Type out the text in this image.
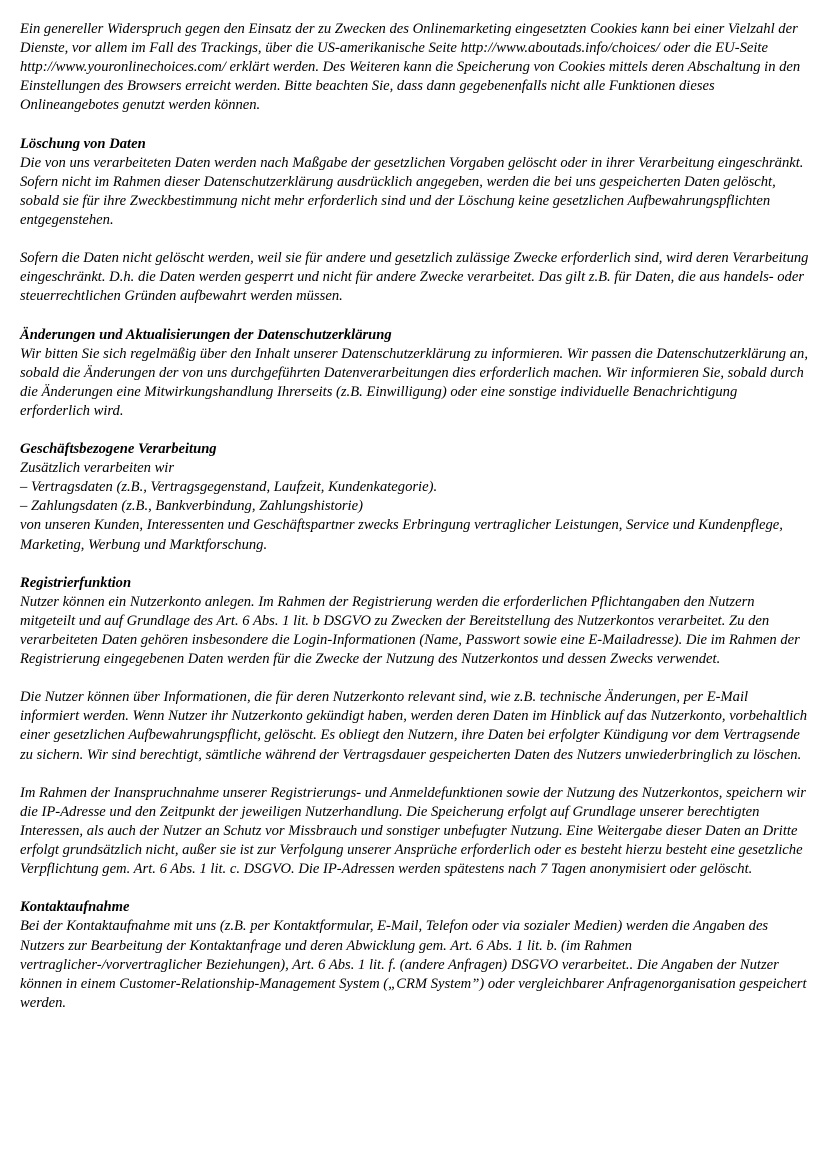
Ein genereller Widerspruch gegen den Einsatz der zu Zwecken des Onlinemarketing eingesetzten Cookies kann bei einer Vielzahl der Dienste, vor allem im Fall des Trackings, über die US-amerikanische Seite http://www.aboutads.info/choices/ oder die EU-Seite http://www.youronlinechoices.com/ erklärt werden. Des Weiteren kann die Speicherung von Cookies mittels deren Abschaltung in den Einstellungen des Browsers erreicht werden. Bitte beachten Sie, dass dann gegebenenfalls nicht alle Funktionen dieses Onlineangebotes genutzt werden können.

Löschung von Daten

Die von uns verarbeiteten Daten werden nach Maßgabe der gesetzlichen Vorgaben gelöscht oder in ihrer Verarbeitung eingeschränkt. Sofern nicht im Rahmen dieser Datenschutzerklärung ausdrücklich angegeben, werden die bei uns gespeicherten Daten gelöscht, sobald sie für ihre Zweckbestimmung nicht mehr erforderlich sind und der Löschung keine gesetzlichen Aufbewahrungspflichten entgegenstehen.

Sofern die Daten nicht gelöscht werden, weil sie für andere und gesetzlich zulässige Zwecke erforderlich sind, wird deren Verarbeitung eingeschränkt. D.h. die Daten werden gesperrt und nicht für andere Zwecke verarbeitet. Das gilt z.B. für Daten, die aus handels- oder steuerrechtlichen Gründen aufbewahrt werden müssen.

Änderungen und Aktualisierungen der Datenschutzerklärung

Wir bitten Sie sich regelmäßig über den Inhalt unserer Datenschutzerklärung zu informieren. Wir passen die Datenschutzerklärung an, sobald die Änderungen der von uns durchgeführten Datenverarbeitungen dies erforderlich machen. Wir informieren Sie, sobald durch die Änderungen eine Mitwirkungshandlung Ihrerseits (z.B. Einwilligung) oder eine sonstige individuelle Benachrichtigung erforderlich wird.

Geschäftsbezogene Verarbeitung
Zusätzlich verarbeiten wir
– Vertragsdaten (z.B., Vertragsgegenstand, Laufzeit, Kundenkategorie).
– Zahlungsdaten (z.B., Bankverbindung, Zahlungshistorie)

von unseren Kunden, Interessenten und Geschäftspartner zwecks Erbringung vertraglicher Leistungen, Service und Kundenpflege, Marketing, Werbung und Marktforschung.

Registrierfunktion

Nutzer können ein Nutzerkonto anlegen. Im Rahmen der Registrierung werden die erforderlichen Pflichtangaben den Nutzern mitgeteilt und auf Grundlage des Art. 6 Abs. 1 lit. b DSGVO zu Zwecken der Bereitstellung des Nutzerkontos verarbeitet. Zu den verarbeiteten Daten gehören insbesondere die Login-Informationen (Name, Passwort sowie eine E-Mailadresse). Die im Rahmen der Registrierung eingegebenen Daten werden für die Zwecke der Nutzung des Nutzerkontos und dessen Zwecks verwendet.

Die Nutzer können über Informationen, die für deren Nutzerkonto relevant sind, wie z.B. technische Änderungen, per E-Mail informiert werden. Wenn Nutzer ihr Nutzerkonto gekündigt haben, werden deren Daten im Hinblick auf das Nutzerkonto, vorbehaltlich einer gesetzlichen Aufbewahrungspflicht, gelöscht. Es obliegt den Nutzern, ihre Daten bei erfolgter Kündigung vor dem Vertragsende zu sichern. Wir sind berechtigt, sämtliche während der Vertragsdauer gespeicherten Daten des Nutzers unwiederbringlich zu löschen.

Im Rahmen der Inanspruchnahme unserer Registrierungs- und Anmeldefunktionen sowie der Nutzung des Nutzerkontos, speichern wir die IP-Adresse und den Zeitpunkt der jeweiligen Nutzerhandlung. Die Speicherung erfolgt auf Grundlage unserer berechtigten Interessen, als auch der Nutzer an Schutz vor Missbrauch und sonstiger unbefugter Nutzung. Eine Weitergabe dieser Daten an Dritte erfolgt grundsätzlich nicht, außer sie ist zur Verfolgung unserer Ansprüche erforderlich oder es besteht hierzu besteht eine gesetzliche Verpflichtung gem. Art. 6 Abs. 1 lit. c. DSGVO. Die IP-Adressen werden spätestens nach 7 Tagen anonymisiert oder gelöscht.

Kontaktaufnahme

Bei der Kontaktaufnahme mit uns (z.B. per Kontaktformular, E-Mail, Telefon oder via sozialer Medien) werden die Angaben des Nutzers zur Bearbeitung der Kontaktanfrage und deren Abwicklung gem. Art. 6 Abs. 1 lit. b. (im Rahmen vertraglicher-/vorvertraglicher Beziehungen), Art. 6 Abs. 1 lit. f. (andere Anfragen) DSGVO verarbeitet.. Die Angaben der Nutzer können in einem Customer-Relationship-Management System („CRM System”) oder vergleichbarer Anfragenorganisation gespeichert werden.
